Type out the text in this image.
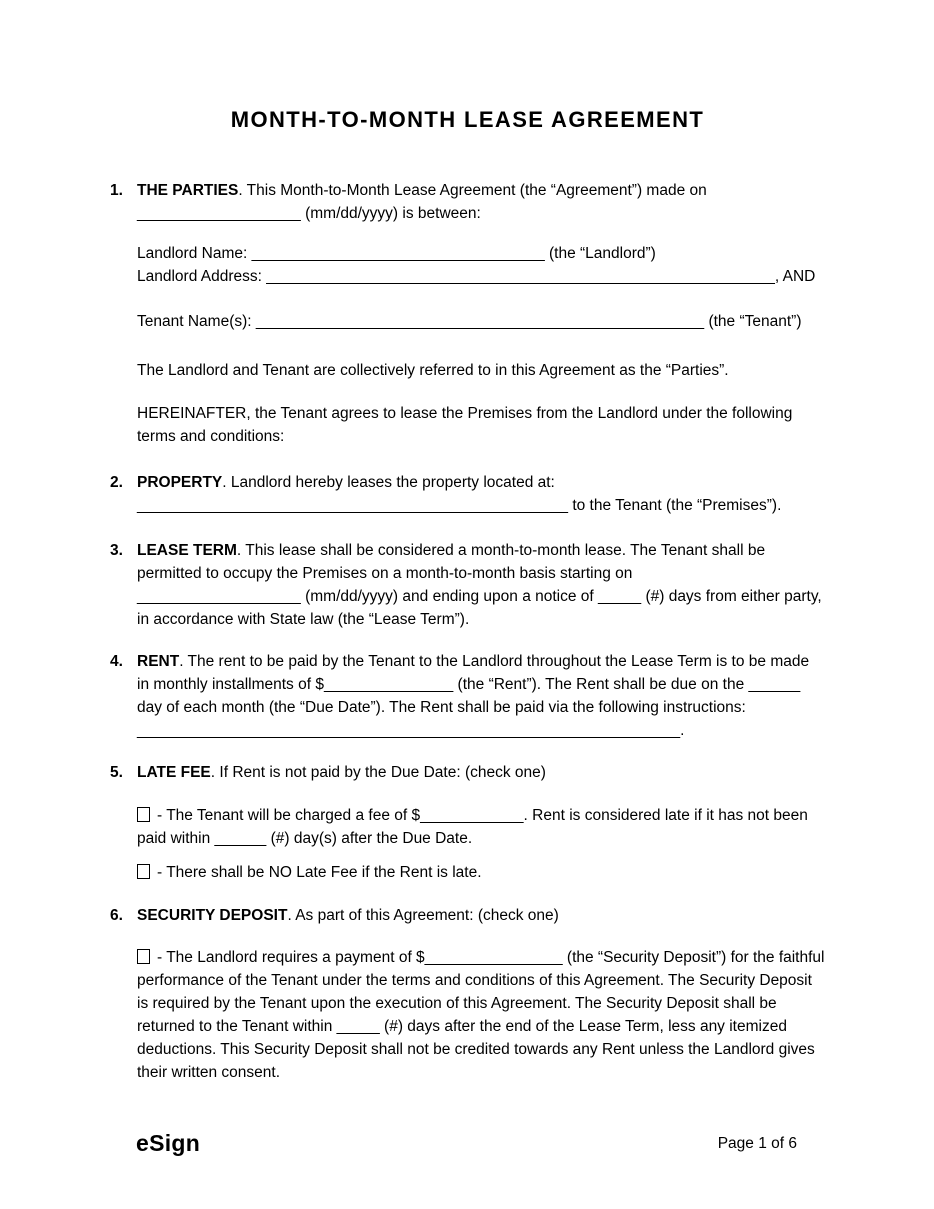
MONTH-TO-MONTH LEASE AGREEMENT

1. THE PARTIES. This Month-to-Month Lease Agreement (the “Agreement”) made on
___________________ (mm/dd/yyyy) is between:

Landlord Name: __________________________________ (the “Landlord”)
Landlord Address: ___________________________________________________________, AND

Tenant Name(s): ____________________________________________________ (the “Tenant”)

The Landlord and Tenant are collectively referred to in this Agreement as the “Parties”.

HEREINAFTER, the Tenant agrees to lease the Premises from the Landlord under the following terms and conditions:

2. PROPERTY. Landlord hereby leases the property located at:
__________________________________________________ to the Tenant (the “Premises”).

3. LEASE TERM. This lease shall be considered a month-to-month lease. The Tenant shall be permitted to occupy the Premises on a month-to-month basis starting on
___________________ (mm/dd/yyyy) and ending upon a notice of _____ (#) days from either party, in accordance with State law (the “Lease Term”).

4. RENT. The rent to be paid by the Tenant to the Landlord throughout the Lease Term is to be made in monthly installments of $_______________ (the “Rent”). The Rent shall be due on the ______ day of each month (the “Due Date”). The Rent shall be paid via the following instructions: _______________________________________________________________.

5. LATE FEE. If Rent is not paid by the Due Date: (check one)

- The Tenant will be charged a fee of $____________. Rent is considered late if it has not been paid within ______ (#) day(s) after the Due Date.

- There shall be NO Late Fee if the Rent is late.

6. SECURITY DEPOSIT. As part of this Agreement: (check one)

- The Landlord requires a payment of $________________ (the “Security Deposit”) for the faithful performance of the Tenant under the terms and conditions of this Agreement. The Security Deposit is required by the Tenant upon the execution of this Agreement. The Security Deposit shall be returned to the Tenant within _____ (#) days after the end of the Lease Term, less any itemized deductions. This Security Deposit shall not be credited towards any Rent unless the Landlord gives their written consent.

eSign	Page 1 of 6
